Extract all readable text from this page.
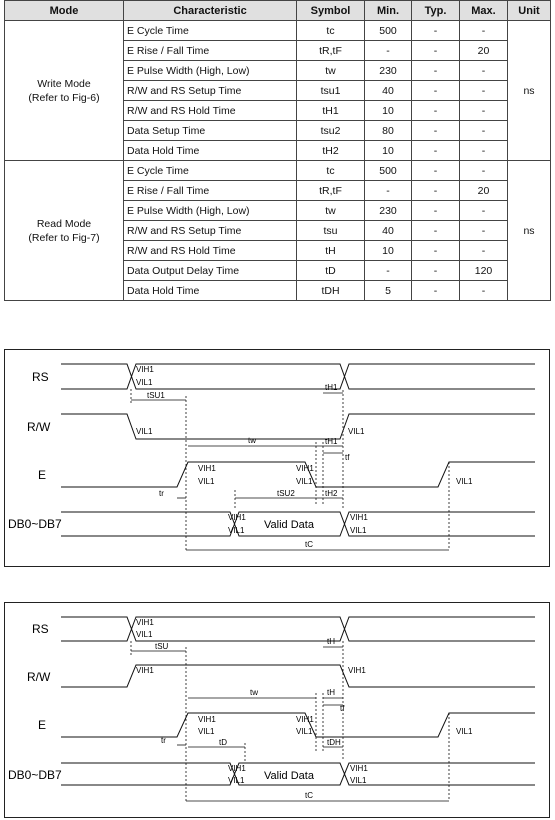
Mode	Characteristic	Symbol	Min.	Typ.	Max.	Unit

Write Mode
(Refer to Fig-6)	E Cycle Time	tc	500	-	-	ns
	E Rise / Fall Time	tR,tF	-	-	20	
	E Pulse Width (High, Low)	tw	230	-	-	
	R/W and RS Setup Time	tsu1	40	-	-	
	R/W and RS Hold Time	tH1	10	-	-	
	Data Setup Time	tsu2	80	-	-	
	Data Hold Time	tH2	10	-	-	

Read Mode
(Refer to Fig-7)	E Cycle Time	tc	500	-	-	ns
	E Rise / Fall Time	tR,tF	-	-	20	
	E Pulse Width (High, Low)	tw	230	-	-	
	R/W and RS Setup Time	tsu	40	-	-	
	R/W and RS Hold Time	tH	10	-	-	
	Data Output Delay Time	tD	-	-	120	
	Data Hold Time	tDH	5	-	-	
tSU1
tH1
tw	tH1
tf
tr	tSU2	tH2
tC
VIH1
VIL1
VIL1	VIL1
VIH1
VIL1
VIH1
VIL1	VIL1
VIH1
VIL1
VIH1
VIL1
RS
R/W
E
DB0~DB7	Valid Data
tSU
tH
tw	tH
tf
tr	tD	tDH
tC
VIH1
VIL1
VIH1	VIH1
VIH1
VIL1
VIH1
VIL1	VIL1
VIH1
VIL1
VIH1
VIL1
RS
R/W
E
DB0~DB7	Valid Data
